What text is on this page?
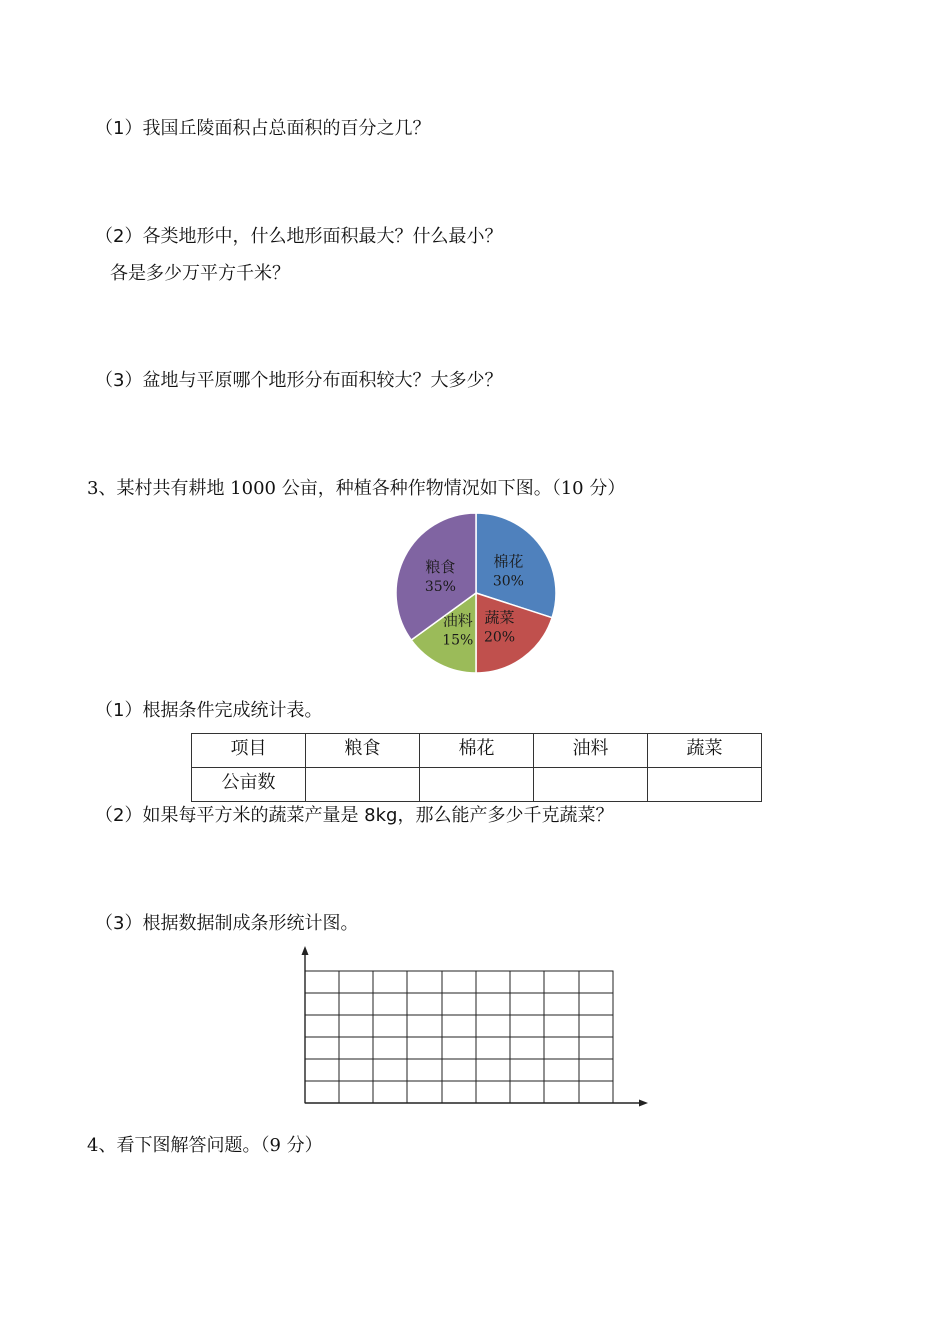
（1）我国丘陵面积占总面积的百分之几？
（2）各类地形中，什么地形面积最大？什么最小？
各是多少万平方千米？
（3）盆地与平原哪个地形分布面积较大？大多少？
3、某村共有耕地 1000 公亩，种植各种作物情况如下图。（10 分）
棉花
30%
蔬菜
20%
油料
15%
粮食
35%
（1）根据条件完成统计表。
项目	粮食	棉花	油料	蔬菜
公亩数				
（2）如果每平方米的蔬菜产量是 8kg，那么能产多少千克蔬菜？
（3）根据数据制成条形统计图。
4、看下图解答问题。（9 分）
